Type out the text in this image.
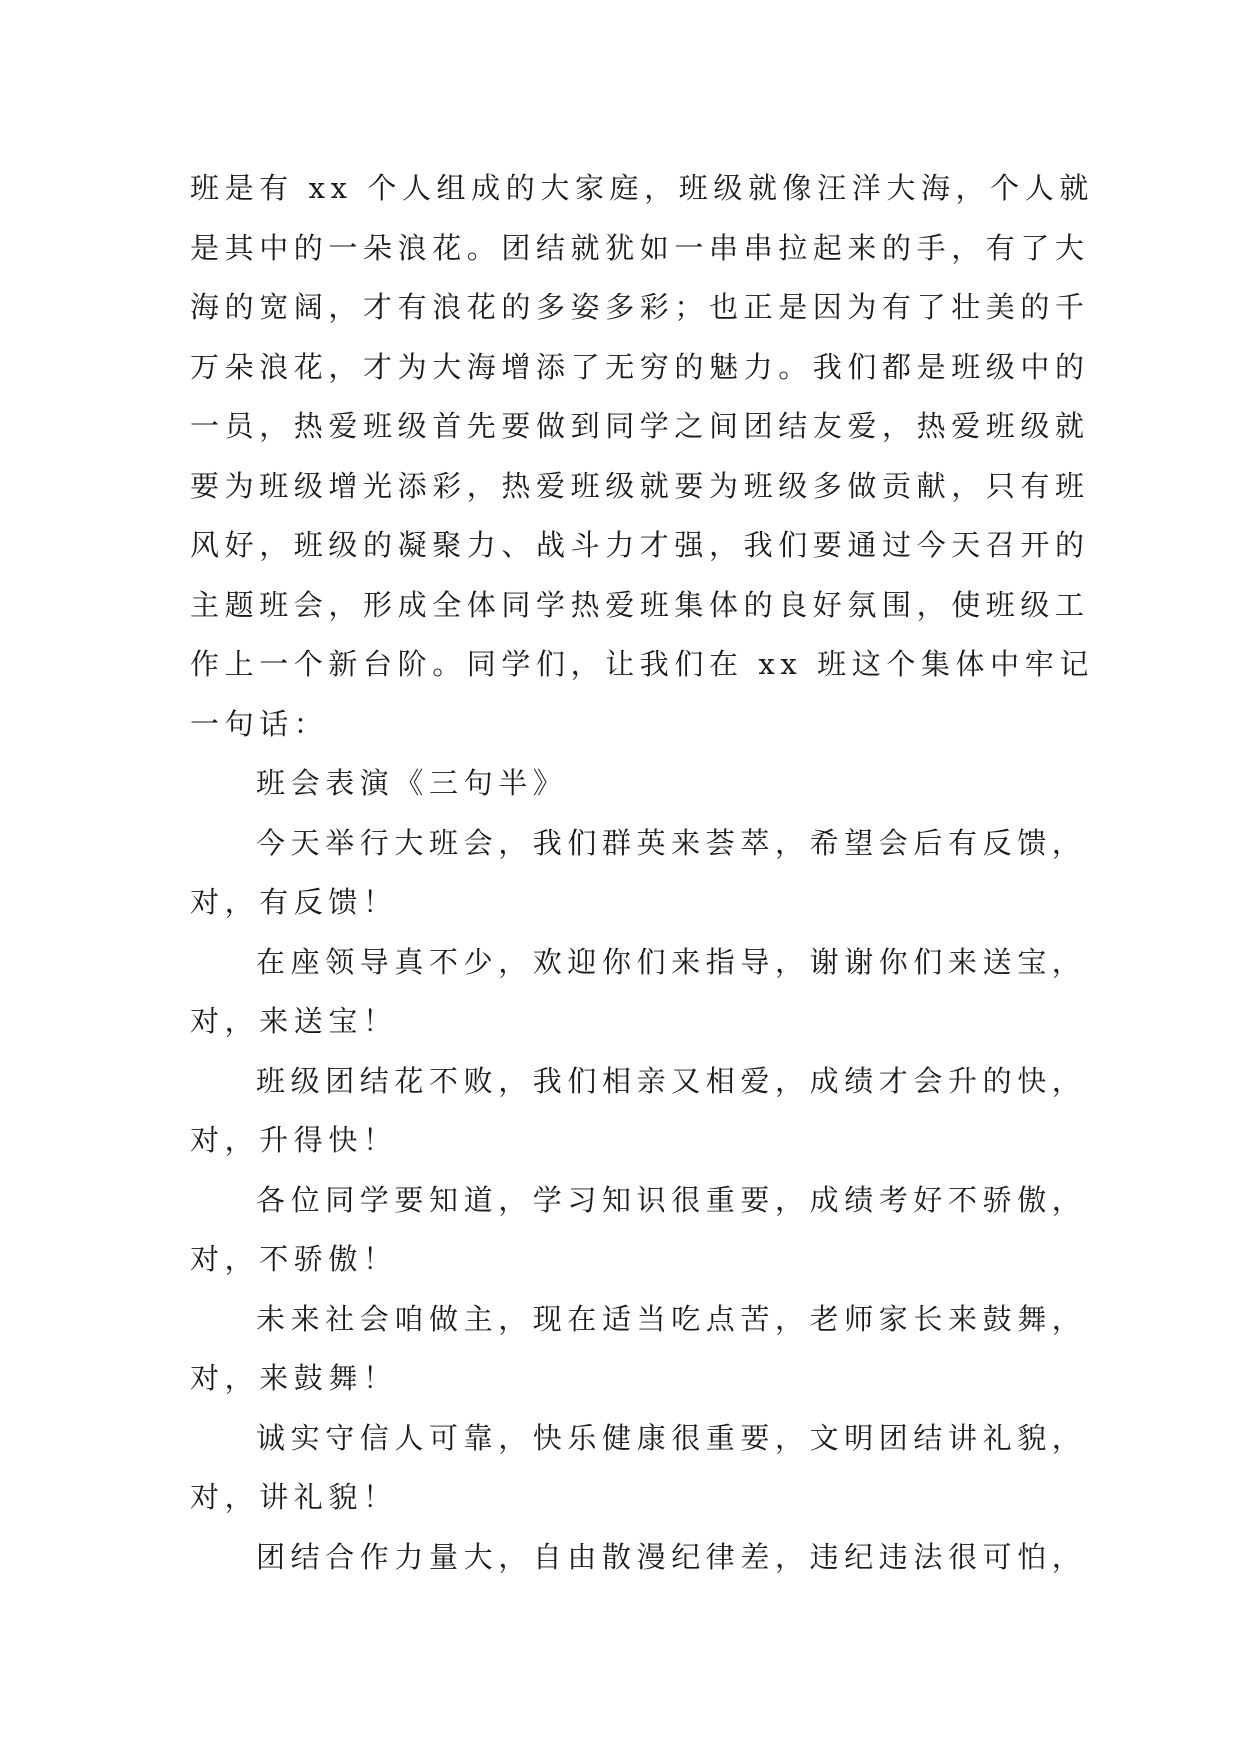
班是有 xx 个人组成的大家庭，班级就像汪洋大海，个人就
是其中的一朵浪花。团结就犹如一串串拉起来的手，有了大
海的宽阔，才有浪花的多姿多彩；也正是因为有了壮美的千
万朵浪花，才为大海增添了无穷的魅力。我们都是班级中的
一员，热爱班级首先要做到同学之间团结友爱，热爱班级就
要为班级增光添彩，热爱班级就要为班级多做贡献，只有班
风好，班级的凝聚力、战斗力才强，我们要通过今天召开的
主题班会，形成全体同学热爱班集体的良好氛围，使班级工
作上一个新台阶。同学们，让我们在 xx 班这个集体中牢记
一句话：
班会表演《三句半》
今天举行大班会，我们群英来荟萃，希望会后有反馈，
对，有反馈！
在座领导真不少，欢迎你们来指导，谢谢你们来送宝，
对，来送宝！
班级团结花不败，我们相亲又相爱，成绩才会升的快，
对，升得快！
各位同学要知道，学习知识很重要，成绩考好不骄傲，
对，不骄傲！
未来社会咱做主，现在适当吃点苦，老师家长来鼓舞，
对，来鼓舞！
诚实守信人可靠，快乐健康很重要，文明团结讲礼貌，
对，讲礼貌！
团结合作力量大，自由散漫纪律差，违纪违法很可怕，
